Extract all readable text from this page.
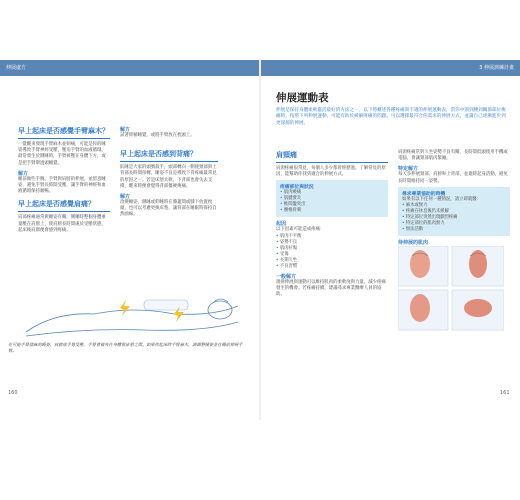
伸展處方	3 伸展訓練計畫
早上起床是否感覺手臂麻木？

一覺醒來發現手臂麻木並刺痛，可能是你的睡姿導致手臂神經受壓，壓迫手臂的血液循環。最常發生於側睡時，手臂被壓在身體下方，或是把手臂舉過頭睡覺。

解方

睡前做些手腕、手臂與肩膀的伸展，並留意睡姿，避免手臂長時間受壓，讓手臂的神經和血液循環保持順暢。

早上起床是否感覺肩痛？

肩部疼痛通常與睡姿有關，側睡時整個身體重量壓在肩膀上，使肩膀長時間處於受壓狀態，起床後肩膀便會感到疼痛。

解方

試著仰躺睡覺，或將手臂放在枕頭上。

早上起床是否感到背痛？

趴睡是大家的頭號殺手，頭部轉向一側使頸部與上背部長時間扭轉，睡姿不良是導致下背疼痛最常見的原因之一。若是床墊太軟，下背部也會失去支撐，醒來時便會覺得背部僵硬痠痛。

解方

改變睡姿，側睡或仰睡時在膝蓋間或膝下放置枕頭，也可以考慮更換床墊，讓背部在睡眠時保持自然曲線。

在可能手臂發麻的睡姿，肩膀或手臂受壓，手臂會被夾在身體與床墊之間。如果你起床時手臂麻木，請調整睡姿並在睡前伸展手臂。

160	161
伸展運動表

伸展是保持身體柔軟靈活最好的方法之一。以下將概述各種疼痛與不適的伸展運動表，當你中頸到腰到關節部位痠痛時，按照下列伸展運動，可能有助於緩解疼痛的問題。可以選擇最符合你需求的伸展方式，並讓自己逐漸進步到更深層的伸展。

肩頸痛

肩頸疼痛很常見，每個人多少都曾經歷過。了解常見的原因，能幫助你找到適合的伸展方式。

疼痛部位與狀況

• 肌肉痠痛
• 肌腱發炎
• 椎間盤突出
• 腰椎骨刺

起因

以下因素可能造成疼痛：

• 肌肉不平衡
• 姿勢不良
• 肌肉拉傷
• 受傷
• 長期久坐
• 不良習慣

一般解方

規律伸展與運動可以維持肌肉的柔軟度與力量，減少疼痛發生的機會。若疼痛持續，建議尋求專業醫療人員的協助。

肩頸疼痛常與久坐姿勢不良有關，長時間低頭使用手機或電腦，會讓頸部肌肉緊繃。

特定解方

每天多伸展頸部、肩膀和上背部，並適時起身活動，避免長時間維持同一姿勢。

尋求專業協助的時機

如果有以下任何一種情況，請立即就醫：

• 麻木或無力
• 疼痛在休息後仍未緩解
• 特定部位突然出現劇烈疼痛
• 特定部位的肌肉無力
• 無法活動

待伸展的肌肉
